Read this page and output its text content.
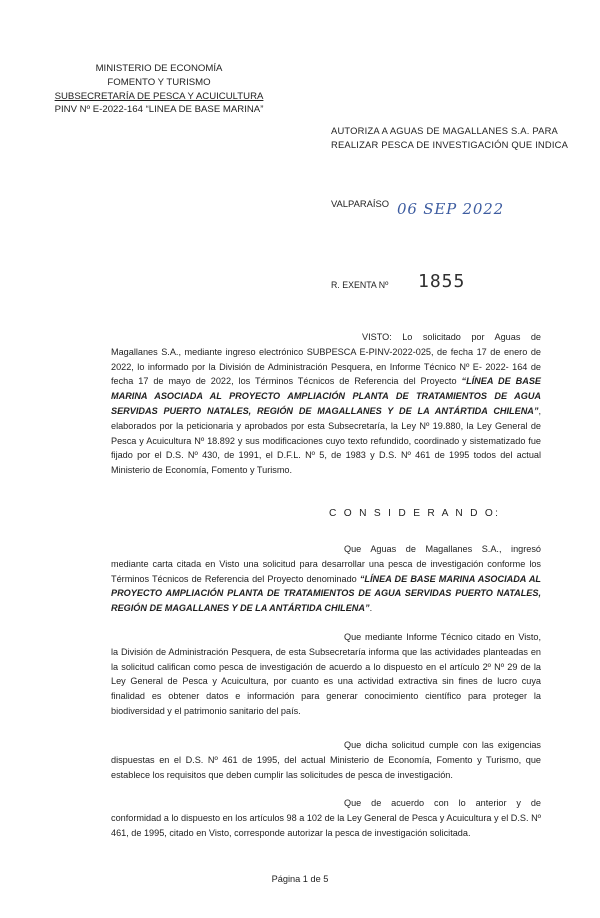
MINISTERIO DE ECONOMÍA
FOMENTO Y TURISMO
SUBSECRETARÍA DE PESCA Y ACUICULTURA
PINV Nº E-2022-164 “LINEA DE BASE MARINA”
AUTORIZA A AGUAS DE MAGALLANES S.A. PARA
REALIZAR PESCA DE INVESTIGACIÓN QUE INDICA
VALPARAÍSO 06 SEP 2022
R. EXENTA Nº 1855
VISTO: Lo solicitado por Aguas de Magallanes S.A., mediante ingreso electrónico SUBPESCA E-PINV-2022-025, de fecha 17 de enero de 2022, lo informado por la División de Administración Pesquera, en Informe Técnico Nº E- 2022- 164 de fecha 17 de mayo de 2022, los Términos Técnicos de Referencia del Proyecto “LÍNEA DE BASE MARINA ASOCIADA AL PROYECTO AMPLIACIÓN PLANTA DE TRATAMIENTOS DE AGUA SERVIDAS PUERTO NATALES, REGIÓN DE MAGALLANES Y DE LA ANTÁRTIDA CHILENA”, elaborados por la peticionaria y aprobados por esta Subsecretaría, la Ley Nº 19.880, la Ley General de Pesca y Acuicultura Nº 18.892 y sus modificaciones cuyo texto refundido, coordinado y sistematizado fue fijado por el D.S. Nº 430, de 1991, el D.F.L. Nº 5, de 1983 y D.S. Nº 461 de 1995 todos del actual Ministerio de Economía, Fomento y Turismo.
C O N S I D E R A N D O:
Que Aguas de Magallanes S.A., ingresó mediante carta citada en Visto una solicitud para desarrollar una pesca de investigación conforme los Términos Técnicos de Referencia del Proyecto denominado “LÍNEA DE BASE MARINA ASOCIADA AL PROYECTO AMPLIACIÓN PLANTA DE TRATAMIENTOS DE AGUA SERVIDAS PUERTO NATALES, REGIÓN DE MAGALLANES Y DE LA ANTÁRTIDA CHILENA”.
Que mediante Informe Técnico citado en Visto, la División de Administración Pesquera, de esta Subsecretaría informa que las actividades planteadas en la solicitud califican como pesca de investigación de acuerdo a lo dispuesto en el artículo 2º Nº 29 de la Ley General de Pesca y Acuicultura, por cuanto es una actividad extractiva sin fines de lucro cuya finalidad es obtener datos e información para generar conocimiento científico para proteger la biodiversidad y el patrimonio sanitario del país.
Que dicha solicitud cumple con las exigencias dispuestas en el D.S. Nº 461 de 1995, del actual Ministerio de Economía, Fomento y Turismo, que establece los requisitos que deben cumplir las solicitudes de pesca de investigación.
Que de acuerdo con lo anterior y de conformidad a lo dispuesto en los artículos 98 a 102 de la Ley General de Pesca y Acuicultura y el D.S. Nº 461, de 1995, citado en Visto, corresponde autorizar la pesca de investigación solicitada.
Página 1 de 5
